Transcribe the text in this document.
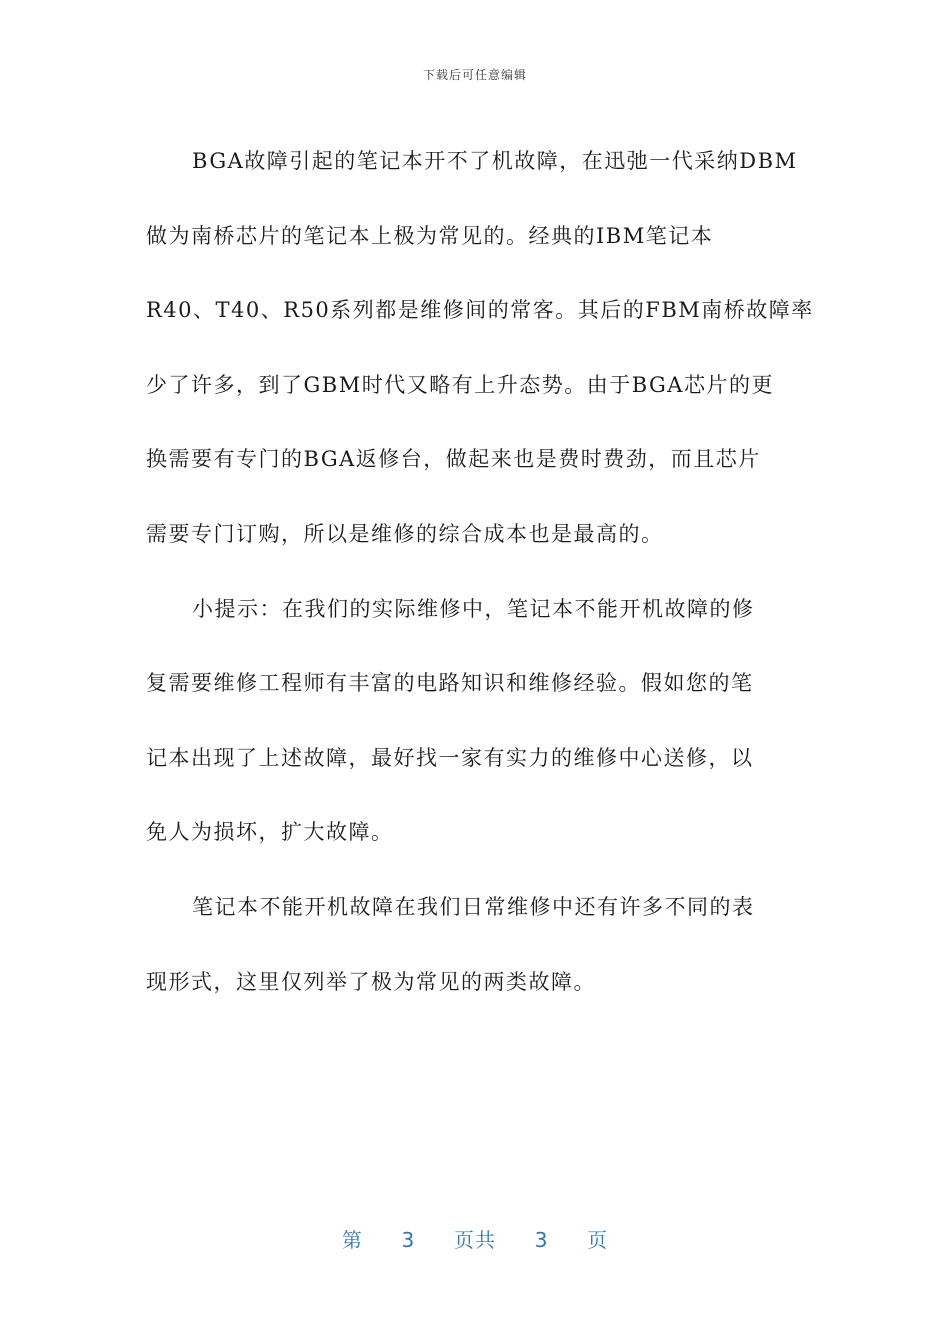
下载后可任意编辑

BGA故障引起的笔记本开不了机故障，在迅弛一代采纳DBM

做为南桥芯片的笔记本上极为常见的。经典的IBM笔记本

R40、T40、R50系列都是维修间的常客。其后的FBM南桥故障率

少了许多，到了GBM时代又略有上升态势。由于BGA芯片的更

换需要有专门的BGA返修台，做起来也是费时费劲，而且芯片

需要专门订购，所以是维修的综合成本也是最高的。

小提示：在我们的实际维修中，笔记本不能开机故障的修

复需要维修工程师有丰富的电路知识和维修经验。假如您的笔

记本出现了上述故障，最好找一家有实力的维修中心送修，以

免人为损坏，扩大故障。

笔记本不能开机故障在我们日常维修中还有许多不同的表

现形式，这里仅列举了极为常见的两类故障。

第 3 页共 3 页
